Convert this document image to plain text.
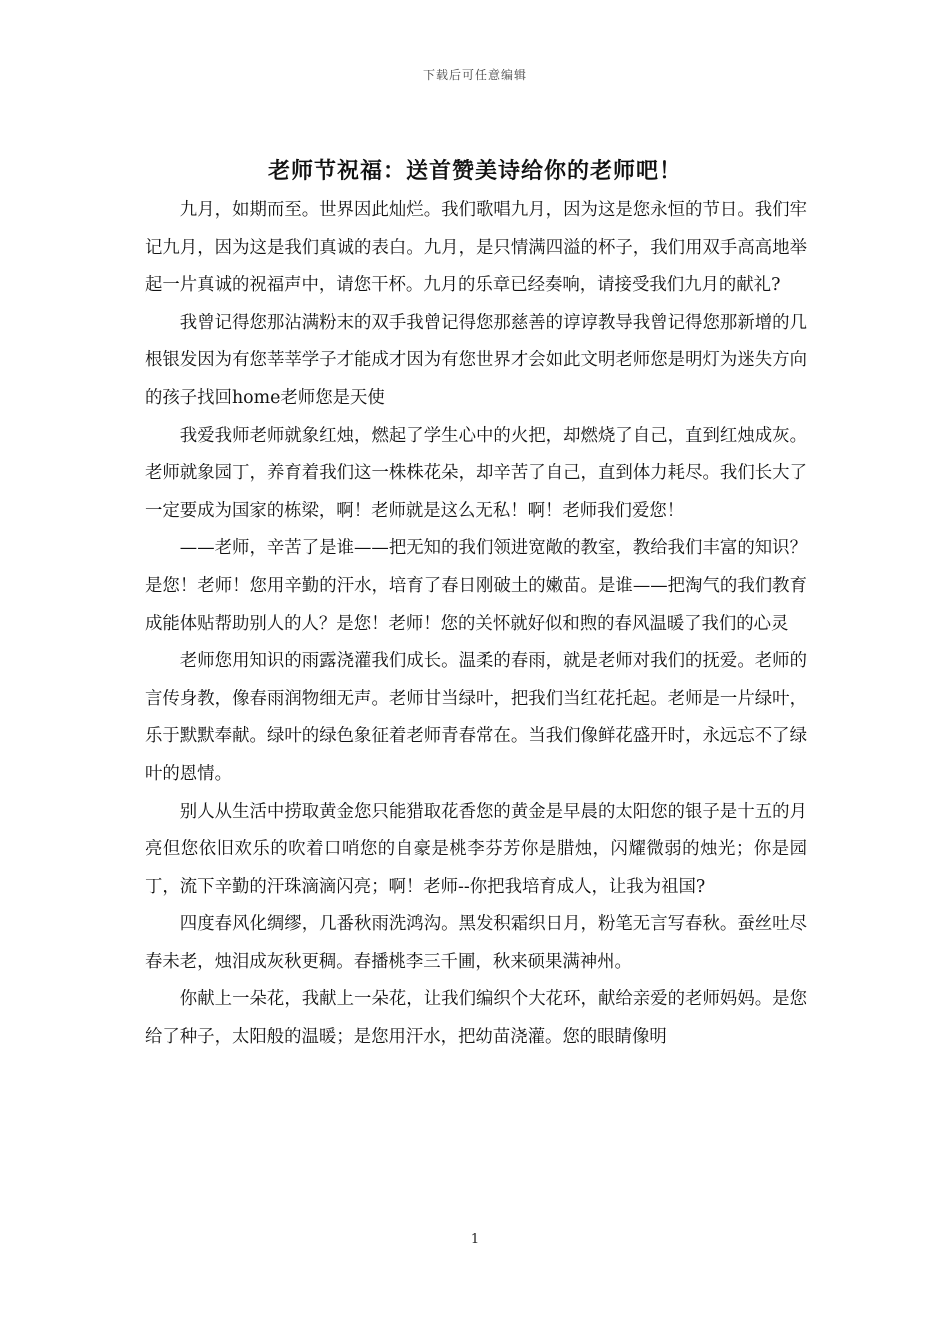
下载后可任意编辑
老师节祝福：送首赞美诗给你的老师吧！

九月，如期而至。世界因此灿烂。我们歌唱九月，因为这是您永恒的节日。我们牢记九月，因为这是我们真诚的表白。九月，是只情满四溢的杯子，我们用双手高高地举起一片真诚的祝福声中，请您干杯。九月的乐章已经奏响，请接受我们九月的献礼?

我曾记得您那沾满粉末的双手我曾记得您那慈善的谆谆教导我曾记得您那新增的几根银发因为有您莘莘学子才能成才因为有您世界才会如此文明老师您是明灯为迷失方向的孩子找回home老师您是天使

我爱我师老师就象红烛，燃起了学生心中的火把，却燃烧了自己，直到红烛成灰。老师就象园丁，养育着我们这一株株花朵，却辛苦了自己，直到体力耗尽。我们长大了一定要成为国家的栋梁，啊！老师就是这么无私！啊！老师我们爱您！

——老师，辛苦了是谁——把无知的我们领进宽敞的教室，教给我们丰富的知识？是您！老师！您用辛勤的汗水，培育了春日刚破土的嫩苗。是谁——把淘气的我们教育成能体贴帮助别人的人？是您！老师！您的关怀就好似和煦的春风温暖了我们的心灵

老师您用知识的雨露浇灌我们成长。温柔的春雨，就是老师对我们的抚爱。老师的言传身教，像春雨润物细无声。老师甘当绿叶，把我们当红花托起。老师是一片绿叶，乐于默默奉献。绿叶的绿色象征着老师青春常在。当我们像鲜花盛开时，永远忘不了绿叶的恩情。

别人从生活中捞取黄金您只能猎取花香您的黄金是早晨的太阳您的银子是十五的月亮但您依旧欢乐的吹着口哨您的自豪是桃李芬芳你是腊烛，闪耀微弱的烛光；你是园丁，流下辛勤的汗珠滴滴闪亮；啊！老师--你把我培育成人，让我为祖国?

四度春风化绸缪，几番秋雨洗鸿沟。黑发积霜织日月，粉笔无言写春秋。蚕丝吐尽春未老，烛泪成灰秋更稠。春播桃李三千圃，秋来硕果满神州。

你献上一朵花，我献上一朵花，让我们编织个大花环，献给亲爱的老师妈妈。是您给了种子，太阳般的温暖；是您用汗水，把幼苗浇灌。您的眼睛像明

1
